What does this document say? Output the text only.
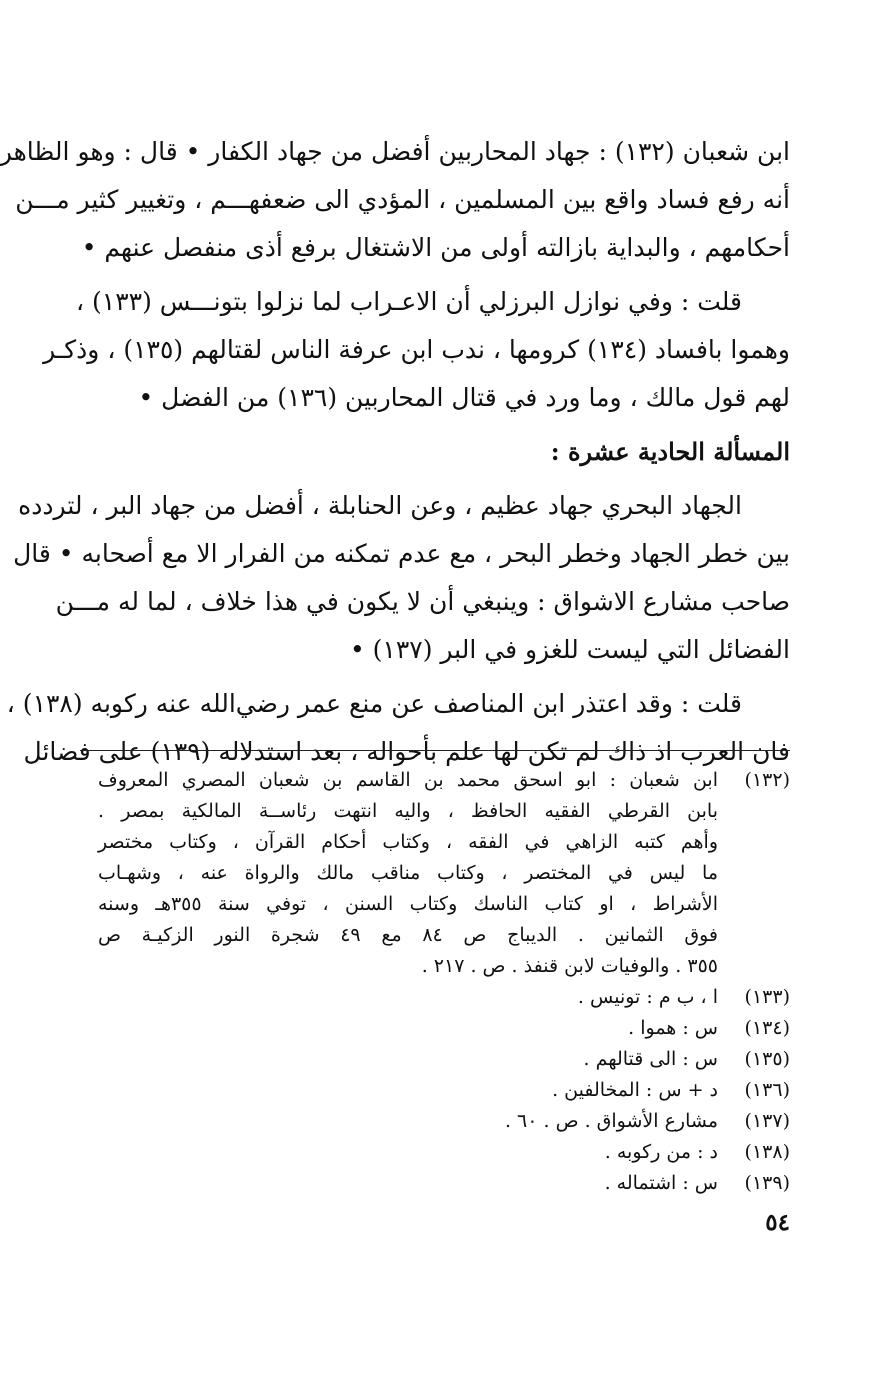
ابن شعبان (١٣٢) : جهاد المحاربين أفضل من جهاد الكفار • قال : وهو الظاهر
أنه رفع فساد واقع بين المسلمين ، المؤدي الى ضعفهـــم ، وتغيير كثير مـــن
أحكامهم ، والبداية بازالته أولى من الاشتغال برفع أذى منفصل عنهم •
قلت : وفي نوازل البرزلي أن الاعـراب لما نزلوا بتونـــس (١٣٣) ،
وهموا بافساد (١٣٤) كرومها ، ندب ابن عرفة الناس لقتالهم (١٣٥) ، وذكـر
لهم قول مالك ، وما ورد في قتال المحاربين (١٣٦) من الفضل •
المسألة الحادية عشرة :
الجهاد البحري جهاد عظيم ، وعن الحنابلة ، أفضل من جهاد البر ، لتردده
بين خطر الجهاد وخطر البحر ، مع عدم تمكنه من الفرار الا مع أصحابه • قال
صاحب مشارع الاشواق : وينبغي أن لا يكون في هذا خلاف ، لما له مـــن
الفضائل التي ليست للغزو في البر (١٣٧) •
قلت : وقد اعتذر ابن المناصف عن منع عمر رضي‌الله عنه ركوبه (١٣٨) ،
فان العرب اذ ذاك لم تكن لها علم بأحواله ، بعد استدلاله (١٣٩) على فضائل
(١٣٢)
ابن شعبان : ابو اسحق محمد بن القاسم بن شعبان المصري المعروف
بابن القرطي الفقيه الحافظ ، واليه انتهت رئاســة المالكية بمصر .
وأهم كتبه الزاهي في الفقه ، وكتاب أحكام القرآن ، وكتاب مختصر
ما ليس في المختصر ، وكتاب مناقب مالك والرواة عنه ، وشهـاب
الأشراط ، او كتاب الناسك وكتاب السنن ، توفي سنة ٣٥٥هـ وسنه
فوق الثمانين . الديباج ص ٨٤ مع ٤٩ شجرة النور الزكيـة ص
٣٥٥ . والوفيات لابن قنفذ . ص . ٢١٧ .
(١٣٣)
ا ، ب م : تونيس .
(١٣٤)
س : هموا .
(١٣٥)
س : الى قتالهم .
(١٣٦)
د + س : المخالفين .
(١٣٧)
مشارع الأشواق . ص . ٦٠ .
(١٣٨)
د : من ركوبه .
(١٣٩)
س : اشتماله .
٥٤
